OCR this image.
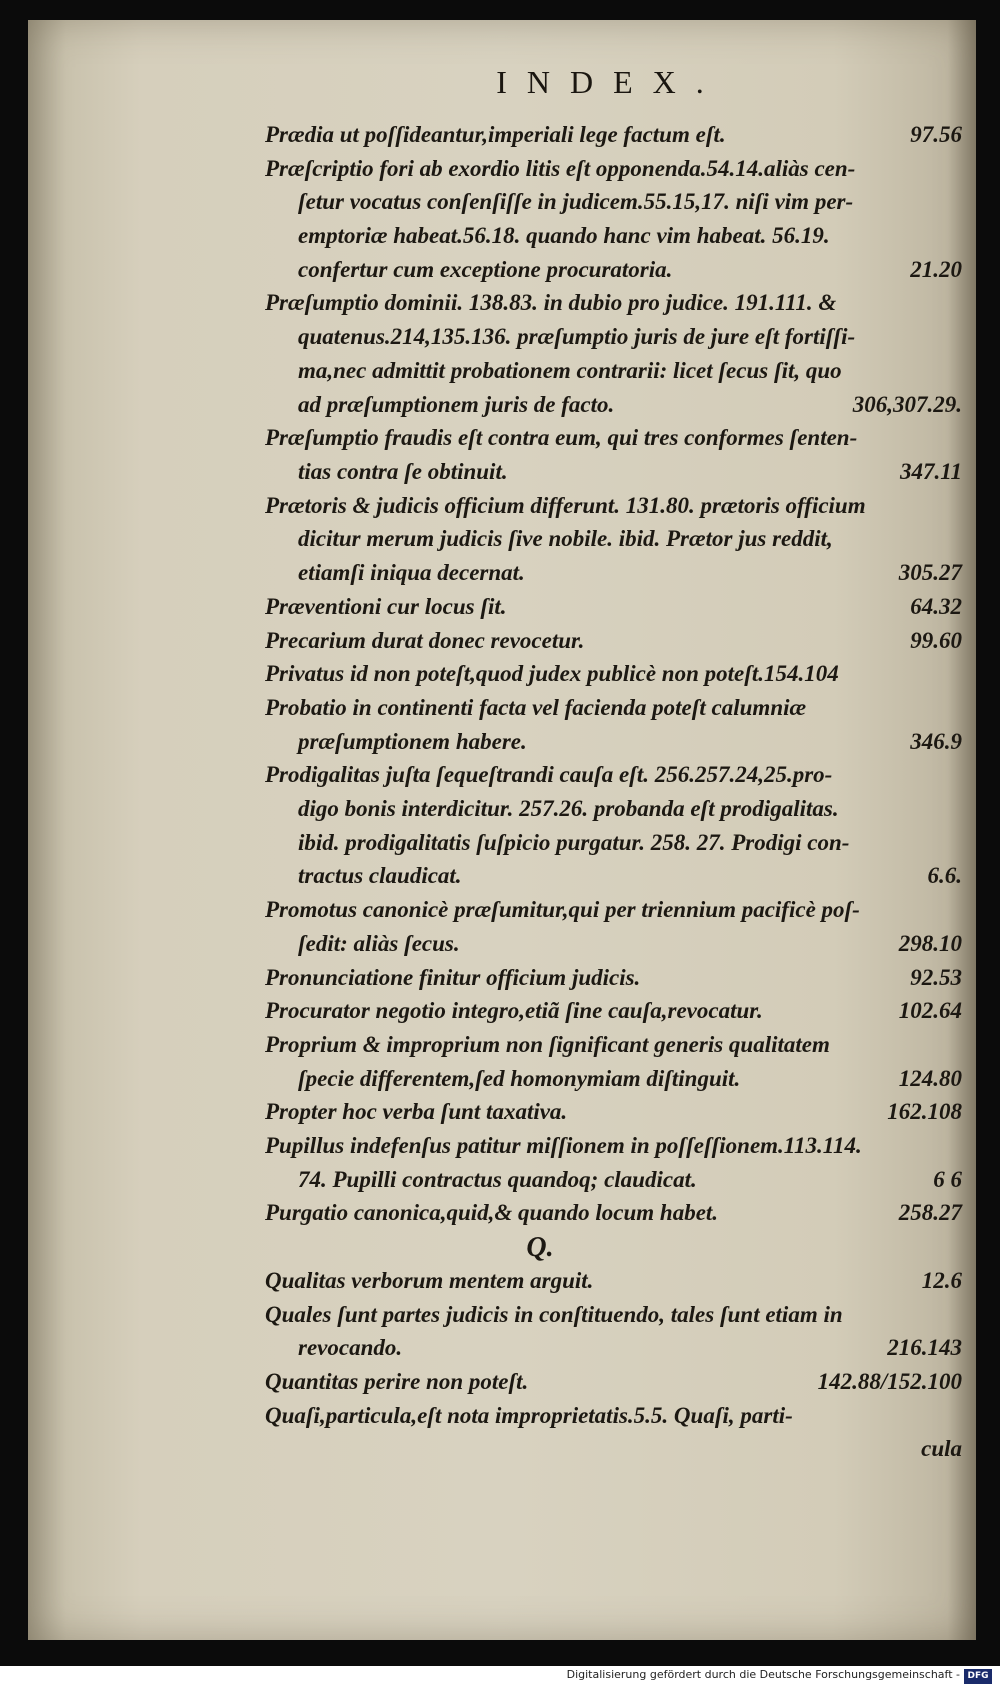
INDEX.
Prædia ut poſſideantur,imperiali lege factum eſt.	97.56
Præſcriptio fori ab exordio litis eſt opponenda.54.14.aliàs cen-
ſetur vocatus conſenſiſſe in judicem.55.15,17. niſi vim per-
emptoriæ habeat.56.18. quando hanc vim habeat. 56.19.
confertur cum exceptione procuratoria.	21.20
Præſumptio dominii. 138.83. in dubio pro judice. 191.111. &
quatenus.214,135.136. præſumptio juris de jure eſt fortiſſi-
ma,nec admittit probationem contrarii: licet ſecus ſit, quo
ad præſumptionem juris de facto.	306,307.29.
Præſumptio fraudis eſt contra eum, qui tres conformes ſenten-
tias contra ſe obtinuit.	347.11
Prætoris & judicis officium differunt. 131.80. prætoris officium
dicitur merum judicis ſive nobile. ibid. Prætor jus reddit,
etiamſi iniqua decernat.	305.27
Præventioni cur locus ſit.	64.32
Precarium durat donec revocetur.	99.60
Privatus id non poteſt,quod judex publicè non poteſt.154.104
Probatio in continenti facta vel facienda poteſt calumniæ
præſumptionem habere.	346.9
Prodigalitas juſta ſequeſtrandi cauſa eſt. 256.257.24,25.pro-
digo bonis interdicitur. 257.26. probanda eſt prodigalitas.
ibid. prodigalitatis ſuſpicio purgatur. 258. 27. Prodigi con-
tractus claudicat.	6.6.
Promotus canonicè præſumitur,qui per triennium pacificè poſ-
ſedit: aliàs ſecus.	298.10
Pronunciatione finitur officium judicis.	92.53
Procurator negotio integro,etiã ſine cauſa,revocatur.	102.64
Proprium & improprium non ſignificant generis qualitatem
ſpecie differentem,ſed homonymiam diſtinguit.	124.80
Propter hoc verba ſunt taxativa.	162.108
Pupillus indefenſus patitur miſſionem in poſſeſſionem.113.114.
74. Pupilli contractus quandoq; claudicat.	6 6
Purgatio canonica,quid,& quando locum habet.	258.27
Qualitas verborum mentem arguit.	12.6
Quales ſunt partes judicis in conſtituendo, tales ſunt etiam in
revocando.	216.143
Quantitas perire non poteſt.	142.88/152.100
Quaſi,particula,eſt nota improprietatis.5.5. Quaſi, parti-
cula
Q.
Digitalisierung gefördert durch die Deutsche Forschungsgemeinschaft - DFG
